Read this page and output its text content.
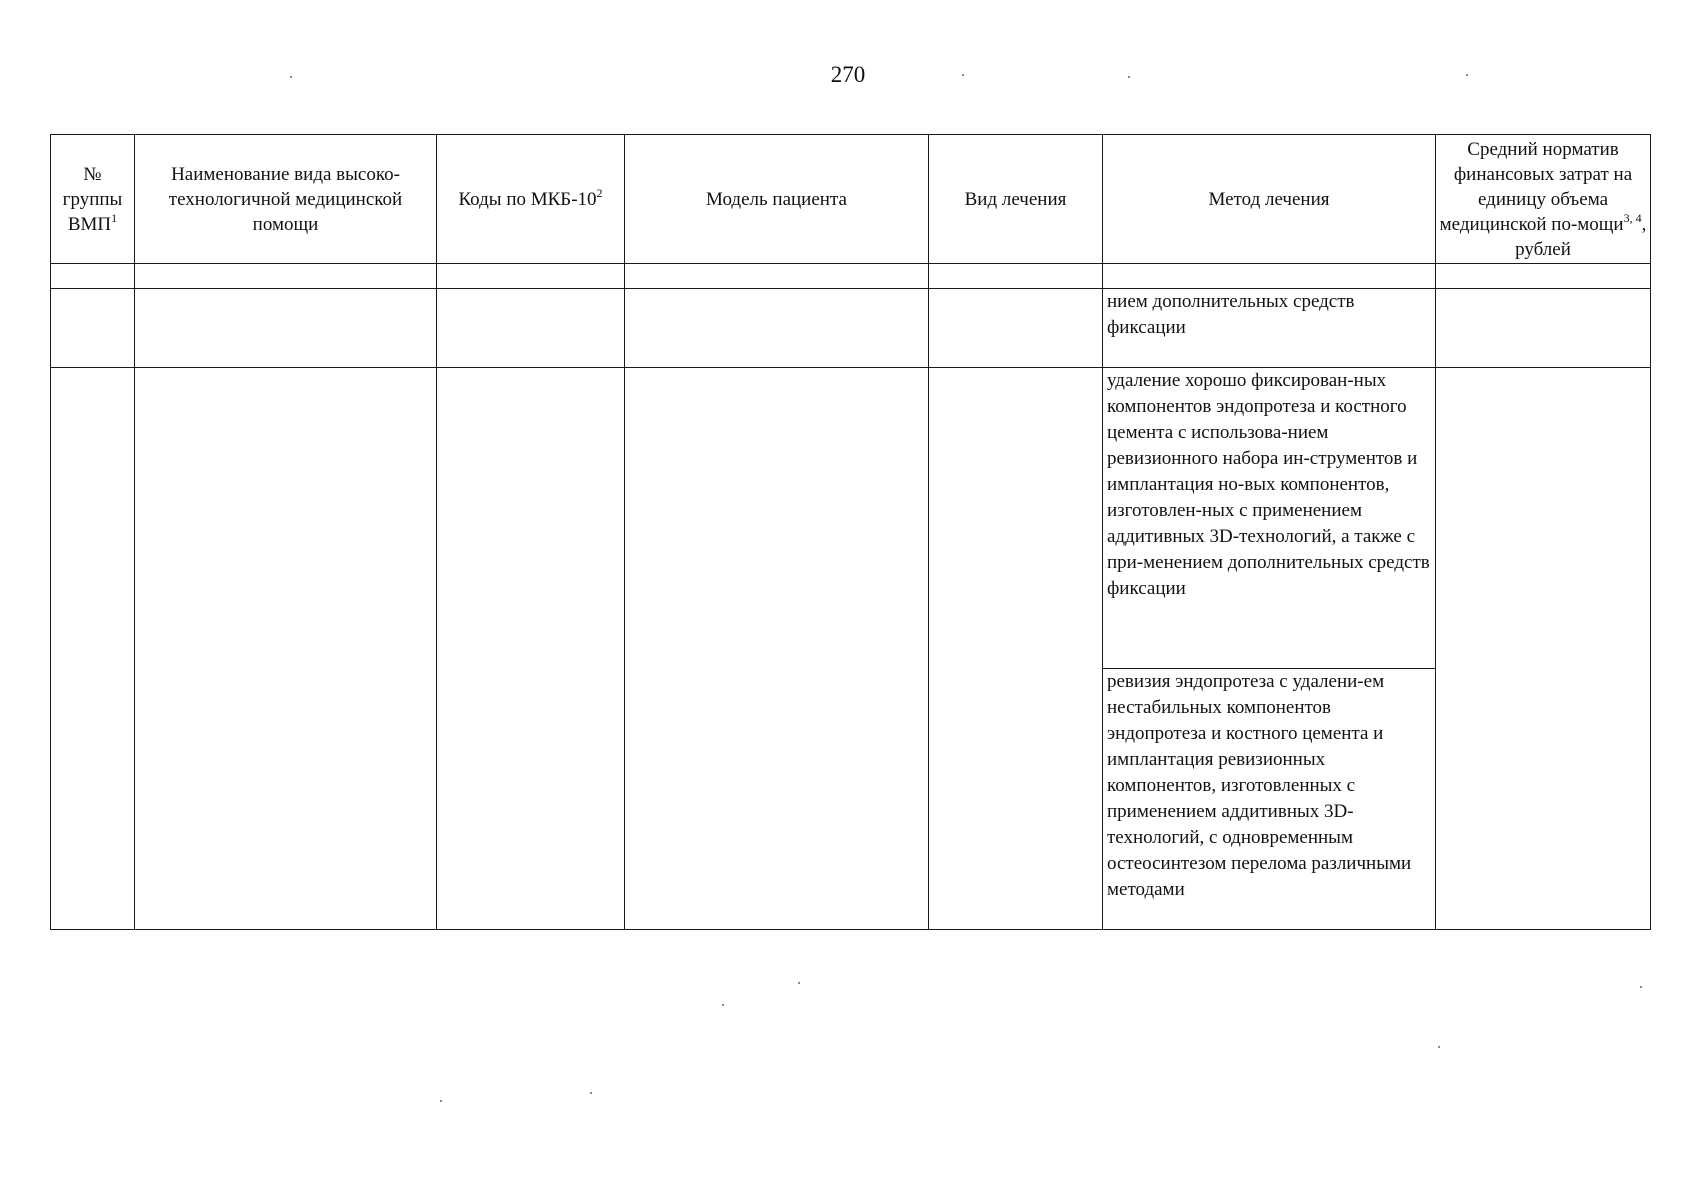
270
№
группы
ВМП$^1$	Наименование вида высоко-технологичной медицинской помощи	Коды по МКБ-$10^2$	Модель пациента	Вид лечения	Метод лечения	Средний норматив финансовых затрат на единицу объема медицинской по-мощи$^{3, 4}$, рублей

					нием дополнительных средств фиксации	
					удаление хорошо фиксирован-ных компонентов эндопротеза и костного цемента с использова-нием ревизионного набора ин-струментов и имплантация но-вых компонентов, изготовлен-ных с применением аддитивных 3D-технологий, а также с при-менением дополнительных средств фиксации	
					ревизия эндопротеза с удалени-ем нестабильных компонентов эндопротеза и костного цемента и имплантация ревизионных компонентов, изготовленных с применением аддитивных 3D-технологий, с одновременным остеосинтезом перелома различными методами	
